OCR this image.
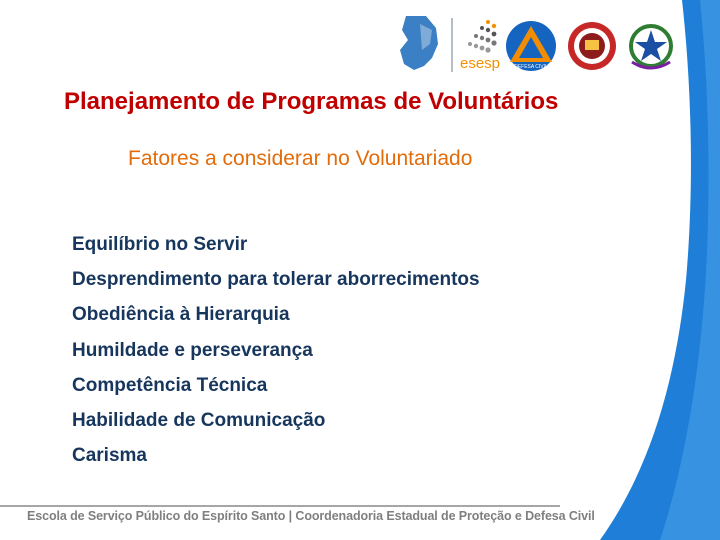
esesp	DEFESA CIVIL
Planejamento de Programas de Voluntários
Fatores a considerar no Voluntariado
Equilíbrio no Servir
Desprendimento para tolerar aborrecimentos
Obediência à Hierarquia
Humildade e perseverança
Competência Técnica
Habilidade de Comunicação
Carisma
Escola de Serviço Público do Espírito Santo | Coordenadoria Estadual de Proteção e Defesa Civil
